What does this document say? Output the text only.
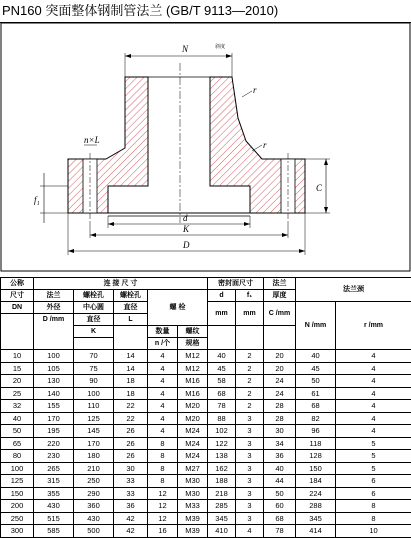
PN160 突面整体钢制管法兰 (GB/T 9113—2010)
N	斜度
r
r
n×L
f₁
C
d
K
D
公称	连 接 尺 寸					密封面尺寸		法兰	法兰颈		
尺寸	法兰	螺栓孔	螺栓孔	螺 栓		d	f₁	厚度			
DN	外径	中心圆	直径			mm	mm	C /mm	N /mm	r /mm	
	D /mm	直径	L								
		K		数量	螺纹						
				n /个	规格						
10	100	70	14	4	M12	40	2	20	40	4	
15	105	75	14	4	M12	45	2	20	45	4	
20	130	90	18	4	M16	58	2	24	50	4	
25	140	100	18	4	M16	68	2	24	61	4	
32	155	110	22	4	M20	78	2	28	68	4	
40	170	125	22	4	M20	88	3	28	82	4	
50	195	145	26	4	M24	102	3	30	96	4	
65	220	170	26	8	M24	122	3	34	118	5	
80	230	180	26	8	M24	138	3	36	128	5	
100	265	210	30	8	M27	162	3	40	150	5	
125	315	250	33	8	M30	188	3	44	184	6	
150	355	290	33	12	M30	218	3	50	224	6	
200	430	360	36	12	M33	285	3	60	288	8	
250	515	430	42	12	M39	345	3	68	345	8	
300	585	500	42	16	M39	410	4	78	414	10	
